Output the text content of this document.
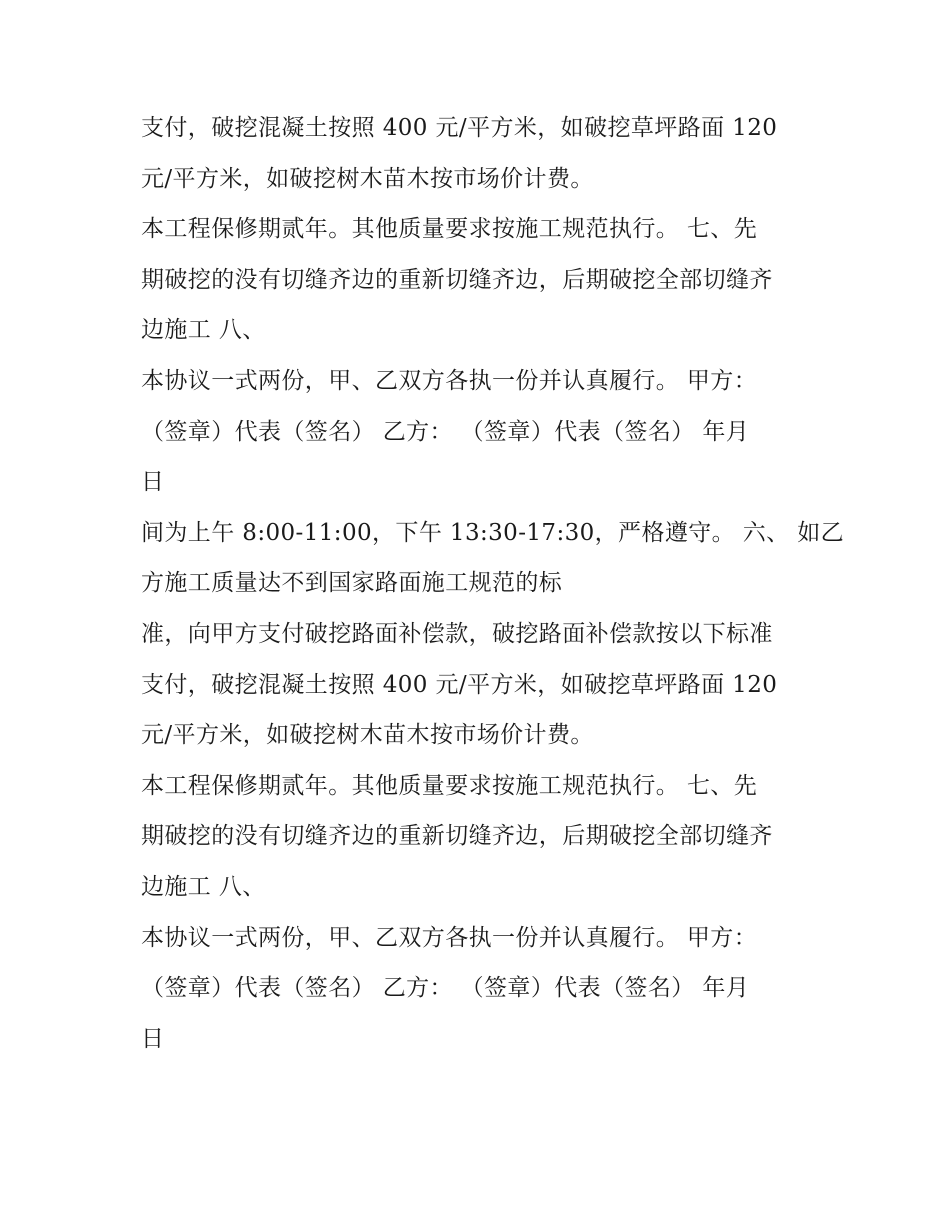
支付，破挖混凝土按照 400 元/平方米，如破挖草坪路面 120
元/平方米，如破挖树木苗木按市场价计费。
本工程保修期贰年。其他质量要求按施工规范执行。 七、先
期破挖的没有切缝齐边的重新切缝齐边，后期破挖全部切缝齐
边施工 八、
本协议一式两份，甲、乙双方各执一份并认真履行。 甲方：
（签章）代表（签名） 乙方： （签章）代表（签名） 年月
日
间为上午 8:00-11:00，下午 13:30-17:30，严格遵守。 六、 如乙
方施工质量达不到国家路面施工规范的标
准，向甲方支付破挖路面补偿款，破挖路面补偿款按以下标准
支付，破挖混凝土按照 400 元/平方米，如破挖草坪路面 120
元/平方米，如破挖树木苗木按市场价计费。
本工程保修期贰年。其他质量要求按施工规范执行。 七、先
期破挖的没有切缝齐边的重新切缝齐边，后期破挖全部切缝齐
边施工 八、
本协议一式两份，甲、乙双方各执一份并认真履行。 甲方：
（签章）代表（签名） 乙方： （签章）代表（签名） 年月
日
